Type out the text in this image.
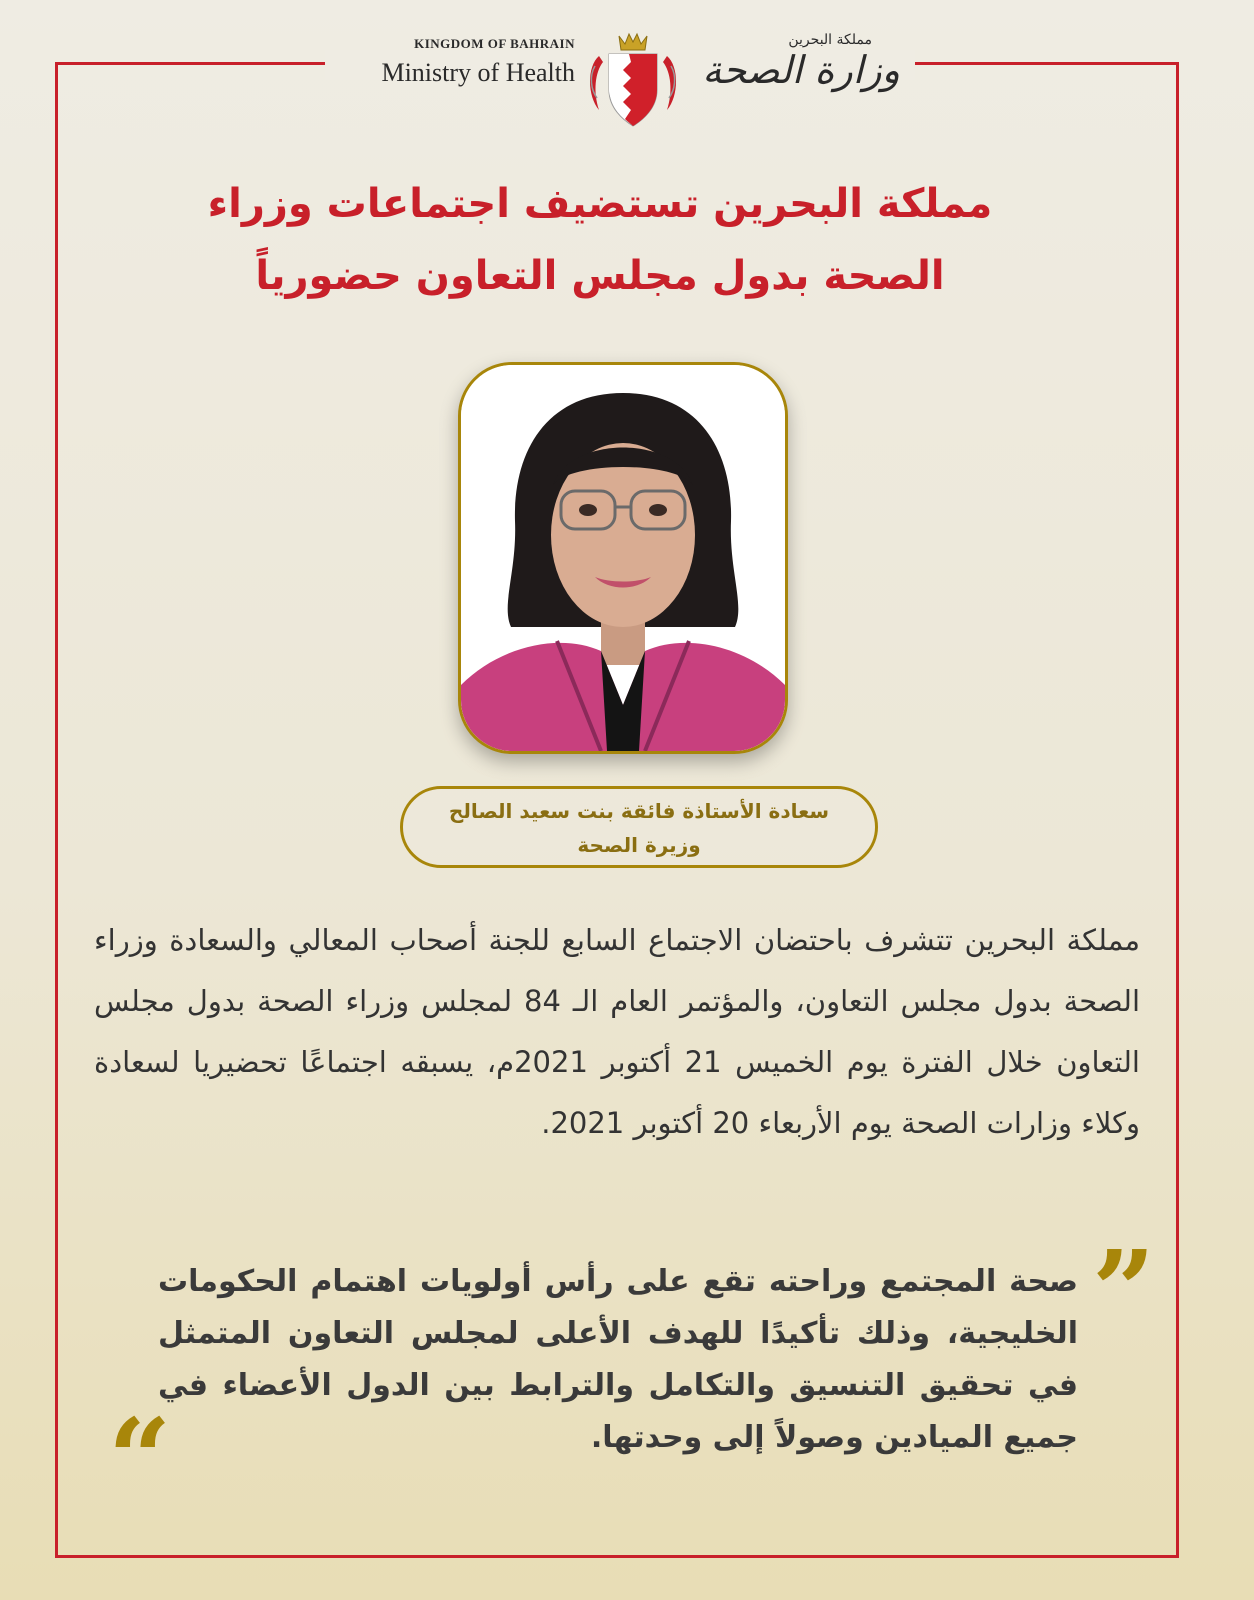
KINGDOM OF BAHRAIN
Ministry of Health
مملكة البحرين
وزارة الصحة
مملكة البحرين تستضيف اجتماعات وزراء
الصحة بدول مجلس التعاون حضورياً
سعادة الأستاذة فائقة بنت سعيد الصالح
وزيرة الصحة
مملكة البحرين تتشرف باحتضان الاجتماع السابع للجنة أصحاب المعالي والسعادة وزراء الصحة بدول مجلس التعاون، والمؤتمر العام الـ 84 لمجلس وزراء الصحة بدول مجلس التعاون خلال الفترة يوم الخميس 21 أكتوبر 2021م، يسبقه اجتماعًا تحضيريا لسعادة وكلاء وزارات الصحة يوم الأربعاء 20 أكتوبر 2021.
”
صحة المجتمع وراحته تقع على رأس أولويات اهتمام الحكومات الخليجية، وذلك تأكيدًا للهدف الأعلى لمجلس التعاون المتمثل في تحقيق التنسيق والتكامل والترابط بين الدول الأعضاء في جميع الميادين وصولاً إلى وحدتها.
“
